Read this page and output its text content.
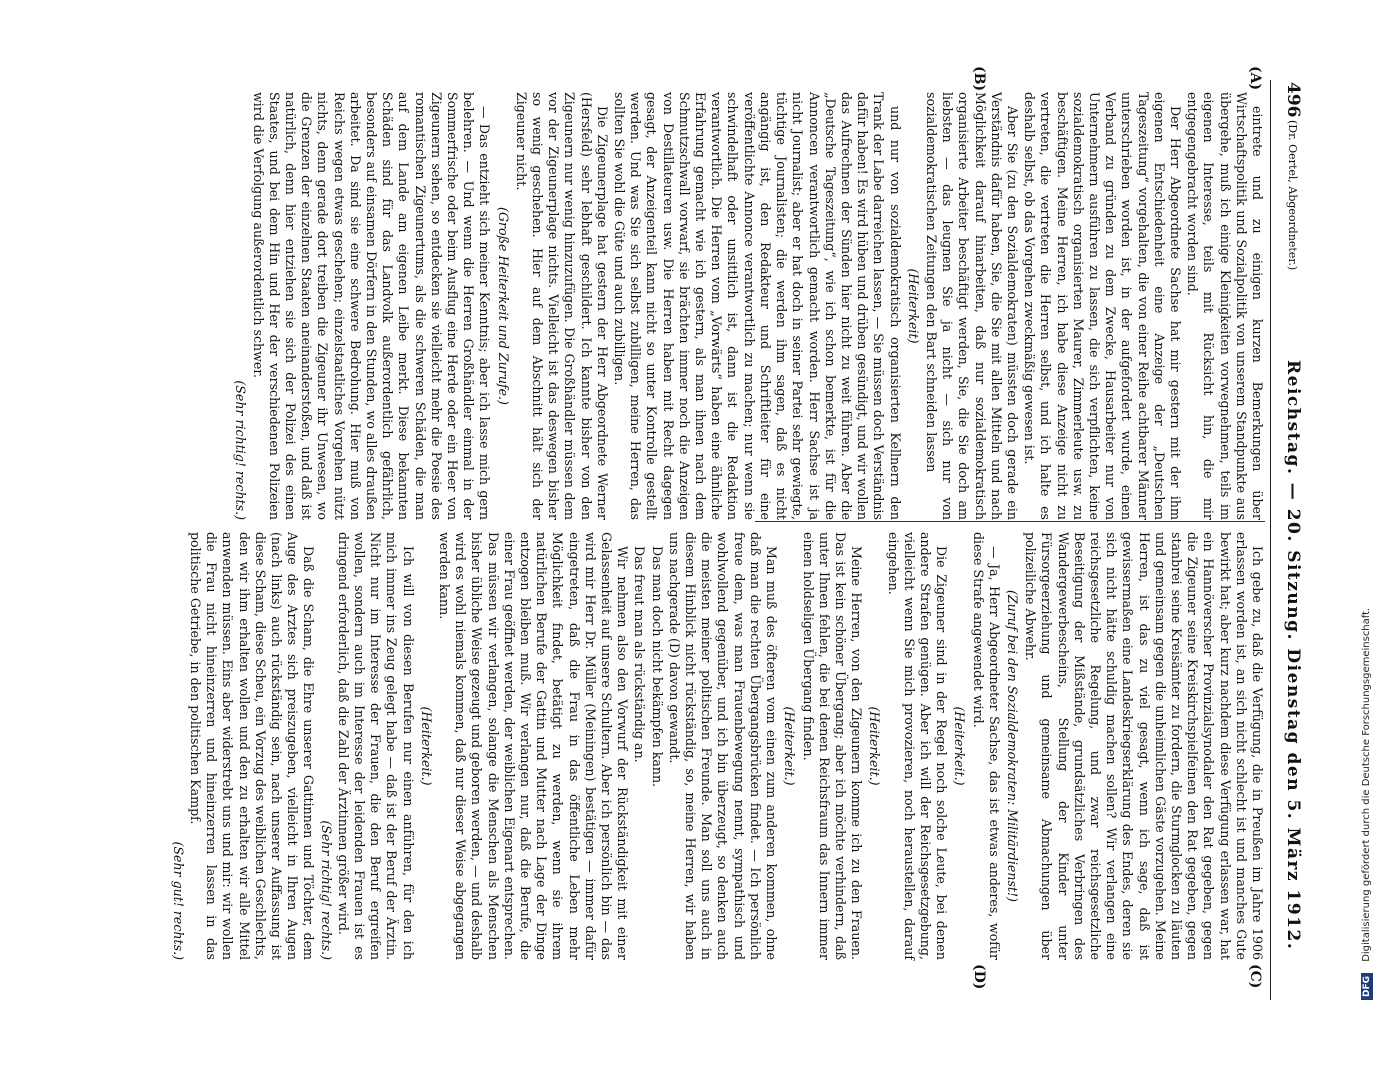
496
(Dr. Oertel, Abgeordneter.)
Reichstag. — 20. Sitzung. Dienstag den 5. März 1912.
(A)
(B)
(C)
(D)

eintrete und zu einigen kurzen Bemerkungen über Wirtschaftspolitik und Sozialpolitik von unserem Standpunkte aus übergehe, muß ich einige Kleinigkeiten vorwegnehmen, teils im eigenen Interesse, teils mit Rücksicht hin, die mir entgegengebracht worden sind.

Der Herr Abgeordnete Sachse hat mir gestern mit der ihm eigenen Entschiedenheit eine Anzeige der „Deutschen Tageszeitung“ vorgehalten, die von einer Reihe achtbarer Männer unterschrieben worden ist, in der aufgefordert wurde, einen Verband zu gründen zu dem Zwecke, Hausarbeiter nur von Unternehmern ausführen zu lassen, die sich verpflichten, keine sozialdemokratisch organisierten Maurer, Zimmerleute usw. zu beschäftigen. Meine Herren, ich habe diese Anzeige nicht zu vertreten, die vertreten die Herren selbst, und ich halte es deshalb selbst, ob das Vorgehen zweckmäßig gewesen ist.

Aber Sie (zu den Sozialdemokraten) müssten doch gerade ein Verständnis dafür haben, Sie, die Sie mit allen Mitteln und nach Möglichkeit darauf hinarbeiten, daß nur sozialdemokratisch organisierte Arbeiter beschäftigt werden, Sie, die Sie doch am liebsten — das leugnen Sie ja nicht — sich nur von sozialdemokratischen Zeitungen den Bart schneiden lassen

(Heiterkeit)

und nur von sozialdemokratisch organisierten Kellnern den Trank der Labe darreichen lassen, — Sie müssen doch Verständnis dafür haben! Es wird hüben und drüben gesündigt, und wir wollen das Aufrechnen der Sünden hier nicht zu weit führen. Aber die „Deutsche Tageszeitung“, wie ich schon bemerkte, ist für die Annoncen verantwortlich gemacht worden. Herr Sachse ist ja nicht Journalist; aber er hat doch in seiner Partei sehr gewiegte, tüchtige Journalisten; die werden ihm sagen, daß es nicht angängig ist, den Redakteur und Schriftleiter für eine veröffentlichte Annonce verantwortlich zu machen; nur wenn sie schwindelhaft oder unsittlich ist, dann ist die Redaktion verantwortlich. Die Herren vom „Vorwärts“ haben eine ähnliche Erfahrung gemacht wie ich gestern, als man ihnen nach dem Schmutzschwall vorwarf, sie brächten immer noch die Anzeigen von Destillateuren usw. Die Herren haben mit Recht dagegen gesagt, der Anzeigenteil kann nicht so unter Kontrolle gestellt werden. Und was Sie sich selbst zubilligen, meine Herren, das sollten Sie wohl die Güte und auch zubilligen.

Die Zigeunerplage hat gestern der Herr Abgeordnete Werner (Hersfeld) sehr lebhaft geschildert. Ich kannte bisher von den Zigeunern nur wenig hinzuzufügen. Die Großhändler müssen dem vor der Zigeunerplage nichts. Vielleicht ist das deswegen bisher so wenig geschehen. Hier auf dem Abschnitt hält sich der Zigeuner nicht.

(Große Heiterkeit und Zurufe.)

— Das entzieht sich meiner Kenntnis; aber ich lasse mich gern belehren. — Und wenn die Herren Großhändler einmal in der Sommerfrische oder beim Ausflug eine Herde oder ein Heer von Zigeunern sehen, so entdecken sie vielleicht mehr die Poesie des romantischen Zigeunertums, als die schweren Schäden, die man auf dem Lande am eigenen Leibe merkt. Diese bekannten Schäden sind für das Landvolk außerordentlich gefährlich, besonders auf einsamen Dörfern in den Stunden, wo alles draußen arbeitet. Da sind sie eine schwere Bedrohung. Hier muß von Reichs wegen etwas geschehen; einzelstaatliches Vorgehen nützt nichts, denn gerade dort treiben die Zigeuner ihr Unwesen, wo die Grenzen der einzelnen Staaten aneinanderstoßen, und daß ist natürlich, denn hier entziehen sie sich der Polizei des einen Staates, und bei dem Hin und Her der verschiedenen Polizeien wird die Verfolgung außerordentlich schwer.

(Sehr richtig! rechts.)

Ich gebe zu, daß die Verfügung, die in Preußen im Jahre 1906 erlassen worden ist, an sich nicht schlecht ist und manches Gute bewirkt hat; aber kurz nachdem diese Verfügung erlassen war, hat ein Hannöverscher Provinzialsynodaler den Rat gegeben, gegen die Zigeuner seine Kreiskirchspielfeinen den Rat gegeben, gegen stanbrei seine Kreisämter zu fordern, die Sturmglocken zu läuten und gemeinsam gegen die unheimlichen Gäste vorzugehen. Meine Herren, ist das zu viel gesagt, wenn ich sage, daß ist gewissermaßen eine Landeskriegserklärung des Endes, deren sie sich nicht hätte schuldig machen sollen? Wir verlangen eine reichsgesetzliche Regelung, und zwar reichsgesetzliche Beseitigung der Mißstände, grundsätzliches Verbringen des Wandergewerbescheins, Stellung der Kinder unter Fürsorgeerziehung und gemeinsame Abmachungen über polizeiliche Abwehr.

(Zuruf bei den Sozialdemokraten: Militärdienst!)

— Ja, Herr Abgeordneter Sachse, das ist etwas anderes, wofür diese Strafe angewendet wird.

(Heiterkeit.)

Die Zigeuner sind in der Regel noch solche Leute, bei denen andere Strafen genügen. Aber ich will der Reichsgesetzgebung, vielleicht wenn Sie mich provozieren, noch heraustellen, darauf eingehen.

(Heiterkeit.)

Meine Herren, von den Zigeunern komme ich zu den Frauen. Das ist kein schöner Übergang; aber ich möchte verhindern, daß unter Ihnen fehlen, die bei denen Reichsfraum das Innern immer einen holdseligen Übergang finden.

(Heiterkeit.)

Man muß des öfteren vom einen zum anderen kommen, ohne daß man die rechten Übergangsbrücken findet. — Ich persönlich freue dem, was man Frauenbewegung nennt, sympathisch und wohlwollend gegenüber, und ich bin überzeugt, so denken auch die meisten meiner politischen Freunde. Man soll uns auch in diesem Hinblick nicht rückständig, so, meine Herren, wir haben uns nachgerade (D) davon gewandt.

Das man doch nicht bekämpfen kann.

Das freut man als rückständig an.

Wir nehmen also den Vorwurf der Rückständigkeit mit einer Gelassenheit auf unsere Schultern. Aber ich persönlich bin — das wird mir Herr Dr. Müller (Meiningen) bestätigen — immer dafür eingetreten, daß die Frau in das öffentliche Leben mehr Möglichkeit findet, betätigt zu werden, wenn sie ihrem natürlichen Berufe der Gattin und Mutter nach Lage der Dinge entzogen bleiben muß. Wir verlangen nur, daß die Berufe, die einer Frau geöffnet werden, der weiblichen Eigenart entsprechen. Das müssen wir verlangen, solange die Menschen als Menschen bisher übliche Weise gezeugt und geboren werden, — und deshalb wird es wohl niemals kommen, daß nur dieser Weise abgegangen werden kann.

(Heiterkeit.)

Ich will von diesen Berufen nur einen anführen, für den ich mich immer ins Zeug gelegt habe — daß ist der Beruf der Ärztin. Nicht nur im Interesse der Frauen, die den Beruf ergreifen wollen, sondern auch im Interesse der leidenden Frauen ist es dringend erforderlich, daß die Zahl der Ärztinnen größer wird.

(Sehr richtig! rechts.)

Daß die Scham, die Ehre unserer Gattinnen und Töchter, dem Auge des Arztes sich preiszugeben, vielleicht in Ihren Augen (nach links) auch rückständig sein, nach unserer Auffassung ist diese Scham, diese Scheu, ein Vorzug des weiblichen Geschlechts, den wir ihm erhalten wollen und den zu erhalten wir alle Mittel anwenden müssen. Eins aber widerstrebt uns und mir: wir wollen die Frau nicht hineinzerren und hineinzerren lassen in das politische Getriebe, in den politischen Kampf.

(Sehr gut! rechts.)

DFG Digitalisierung gefördert durch die Deutsche Forschungsgemeinschaft.
